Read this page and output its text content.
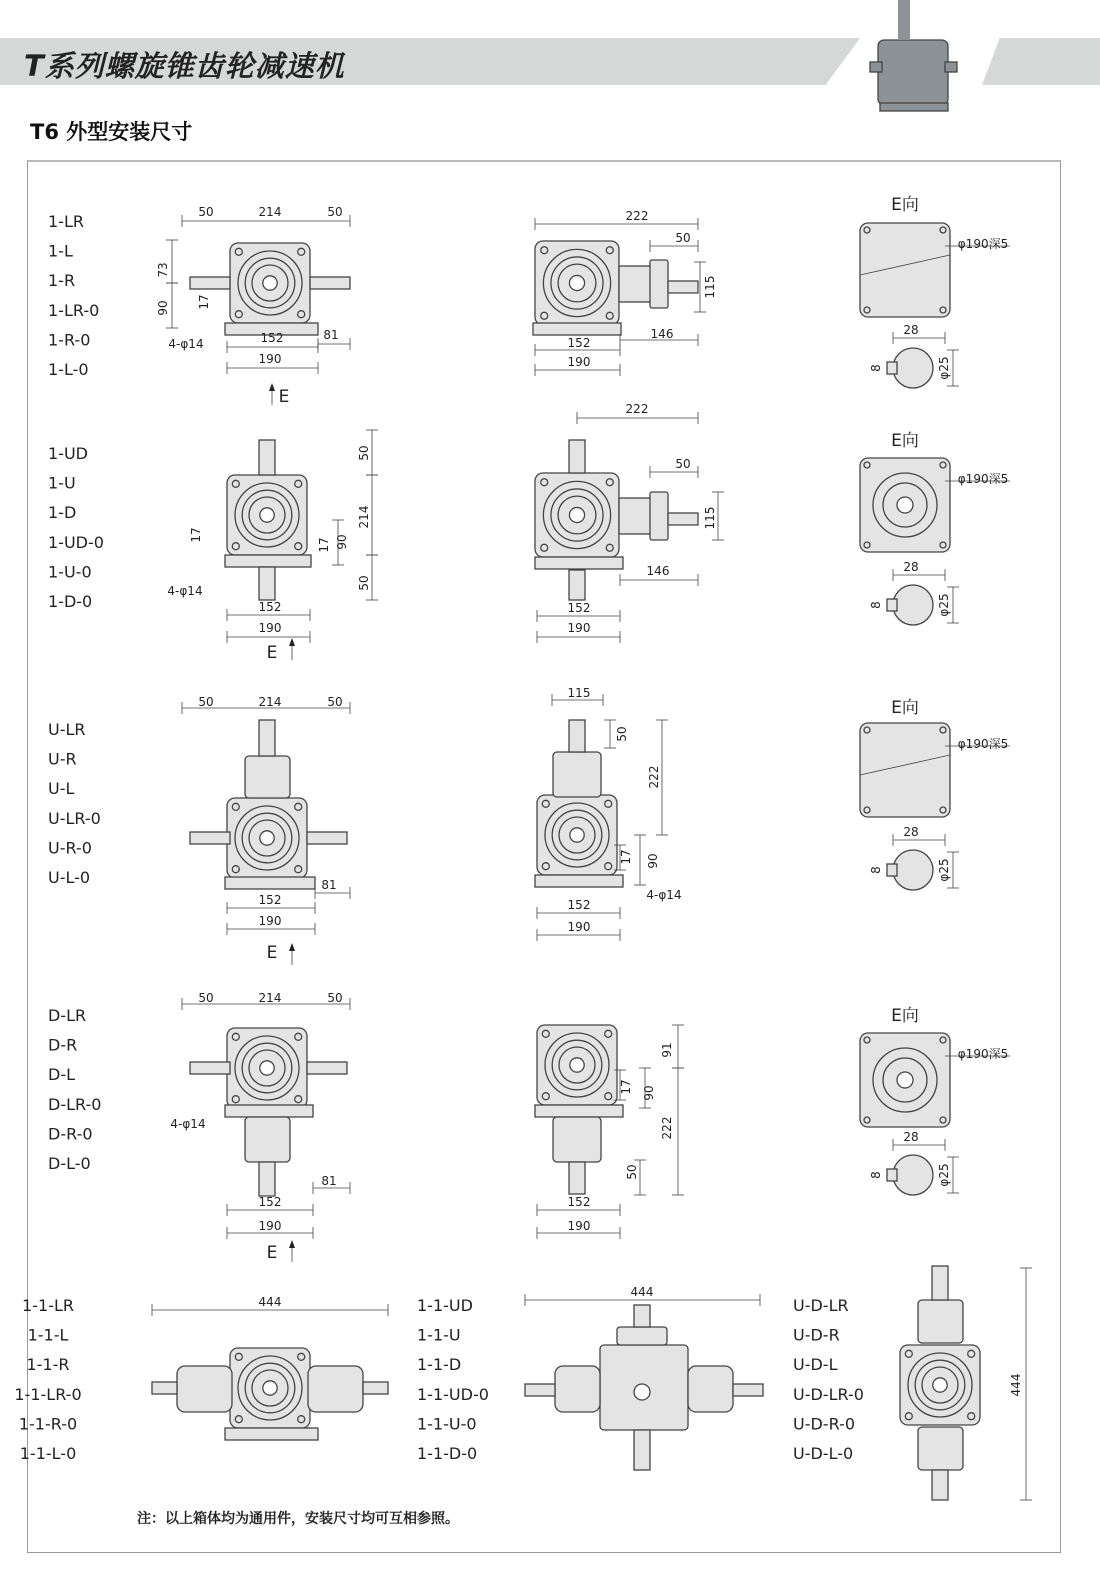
T系列螺旋锥齿轮减速机
T6 外型安装尺寸
1-LR
1-L
1-R
1-LR-0
1-R-0
1-L-0
50	214	50
73
90 17
4-φ14	152	81
190
222
50
115
152
146
190
E
E向
φ190深5
28
8	φ25
1-UD
1-U
1-D
1-UD-0
1-U-0
1-D-0
50
214
17
17 90
50
4-φ14
152
190
222
50
115
146
152
190
E
E向
φ190深5
28
8	φ25
U-LR
U-R
U-L
U-LR-0
U-R-0
U-L-0
50	214	50
81
152
190
115
50
222
17 90
4-φ14
152
190
E
E向
φ190深5
28
8	φ25
D-LR
D-R
D-L
D-LR-0
D-R-0
D-L-0
50	214	50
4-φ14
81
152
190
91
17 90
222
50
152
190
E
E向
φ190深5
28
8	φ25
1-1-LR
1-1-L
1-1-R
1-1-LR-0
1-1-R-0
1-1-L-0
1-1-UD
1-1-U
1-1-D
1-1-UD-0
1-1-U-0
1-1-D-0
U-D-LR
U-D-R
U-D-L
U-D-LR-0
U-D-R-0
U-D-L-0
444
444
444
注：以上箱体均为通用件，安装尺寸均可互相参照。
